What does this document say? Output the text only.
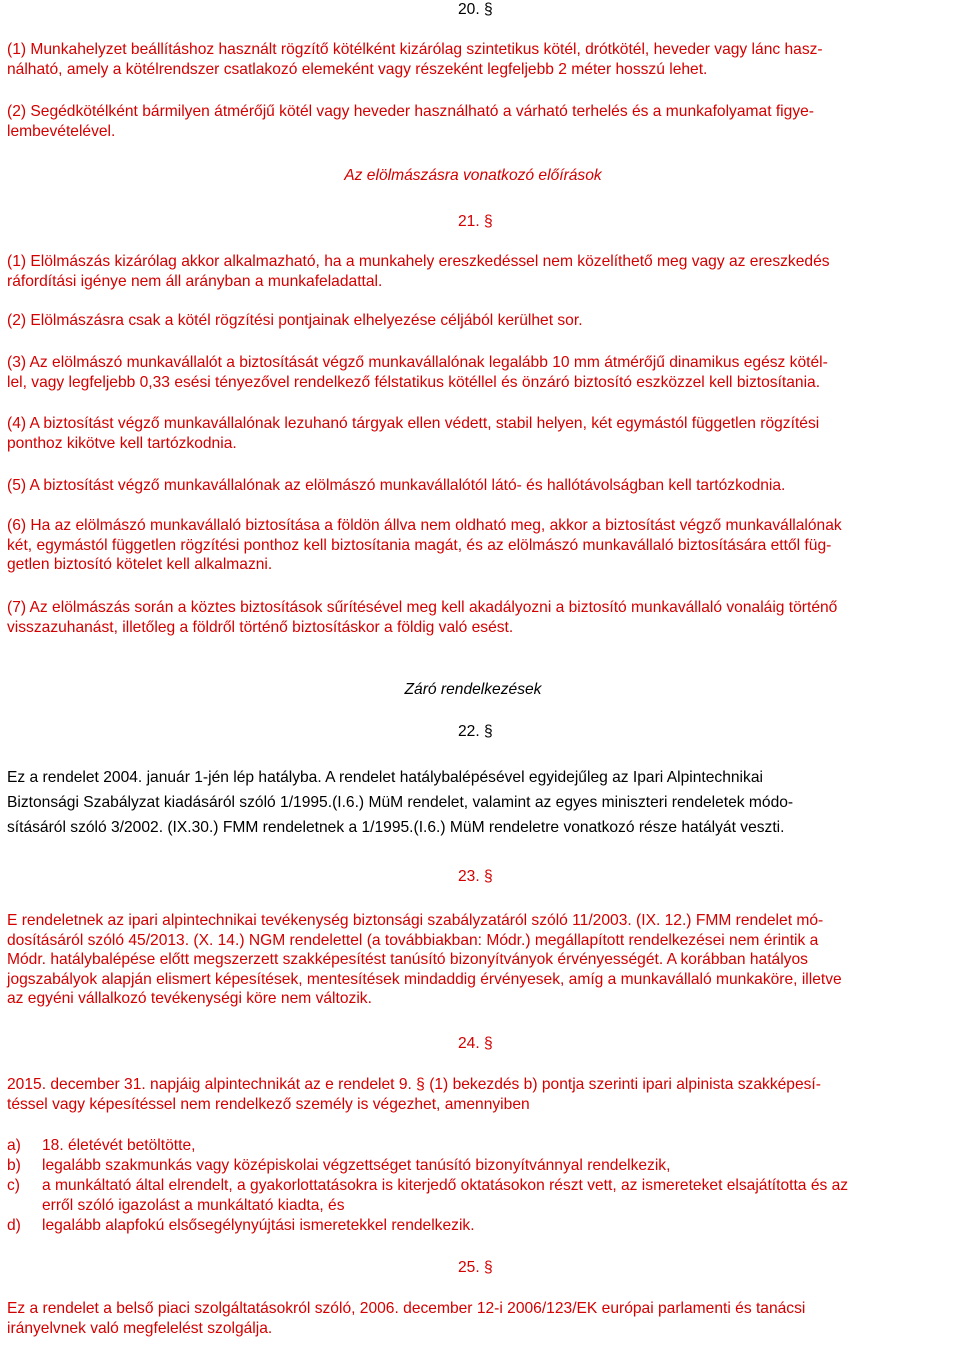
20. §

(1) Munkahelyzet beállításhoz használt rögzítő kötélként kizárólag szintetikus kötél, drótkötél, heveder vagy lánc hasz-
nálható, amely a kötélrendszer csatlakozó elemeként vagy részeként legfeljebb 2 méter hosszú lehet.

(2) Segédkötélként bármilyen átmérőjű kötél vagy heveder használható a várható terhelés és a munkafolyamat figye-
lembevételével.

Az elölmászásra vonatkozó előírások
21. §

(1) Elölmászás kizárólag akkor alkalmazható, ha a munkahely ereszkedéssel nem közelíthető meg vagy az ereszkedés
ráfordítási igénye nem áll arányban a munkafeladattal.

(2) Elölmászásra csak a kötél rögzítési pontjainak elhelyezése céljából kerülhet sor.

(3) Az elölmászó munkavállalót a biztosítását végző munkavállalónak legalább 10 mm átmérőjű dinamikus egész kötél-
lel, vagy legfeljebb 0,33 esési tényezővel rendelkező félstatikus kötéllel és önzáró biztosító eszközzel kell biztosítania.

(4) A biztosítást végző munkavállalónak lezuhanó tárgyak ellen védett, stabil helyen, két egymástól független rögzítési
ponthoz kikötve kell tartózkodnia.

(5) A biztosítást végző munkavállalónak az elölmászó munkavállalótól látó- és hallótávolságban kell tartózkodnia.

(6) Ha az elölmászó munkavállaló biztosítása a földön állva nem oldható meg, akkor a biztosítást végző munkavállalónak
két, egymástól független rögzítési ponthoz kell biztosítania magát, és az elölmászó munkavállaló biztosítására ettől füg-
getlen biztosító kötelet kell alkalmazni.

(7) Az elölmászás során a köztes biztosítások sűrítésével meg kell akadályozni a biztosító munkavállaló vonaláig történő
visszazuhanást, illetőleg a földről történő biztosításkor a földig való esést.

Záró rendelkezések
22. §

Ez a rendelet 2004. január 1-jén lép hatályba. A rendelet hatálybalépésével egyidejűleg az Ipari Alpintechnikai
Biztonsági Szabályzat kiadásáról szóló 1/1995.(I.6.) MüM rendelet, valamint az egyes miniszteri rendeletek módo-
sításáról szóló 3/2002. (IX.30.) FMM rendeletnek a 1/1995.(I.6.) MüM rendeletre vonatkozó része hatályát veszti.

23. §

E rendeletnek az ipari alpintechnikai tevékenység biztonsági szabályzatáról szóló 11/2003. (IX. 12.) FMM rendelet mó-
dosításáról szóló 45/2013. (X. 14.) NGM rendelettel (a továbbiakban: Módr.) megállapított rendelkezései nem érintik a
Módr. hatálybalépése előtt megszerzett szakképesítést tanúsító bizonyítványok érvényességét. A korábban hatályos
jogszabályok alapján elismert képesítések, mentesítések mindaddig érvényesek, amíg a munkavállaló munkaköre, illetve
az egyéni vállalkozó tevékenységi köre nem változik.

24. §

2015. december 31. napjáig alpintechnikát az e rendelet 9. § (1) bekezdés b) pontja szerinti ipari alpinista szakképesí-
téssel vagy képesítéssel nem rendelkező személy is végezhet, amennyiben

a) 18. életévét betöltötte,
b) legalább szakmunkás vagy középiskolai végzettséget tanúsító bizonyítvánnyal rendelkezik,
c) a munkáltató által elrendelt, a gyakorlottatásokra is kiterjedő oktatásokon részt vett, az ismereteket elsajátította és az
erről szóló igazolást a munkáltató kiadta, és
d) legalább alapfokú elsősegélynyújtási ismeretekkel rendelkezik.
25. §

Ez a rendelet a belső piaci szolgáltatásokról szóló, 2006. december 12-i 2006/123/EK európai parlamenti és tanácsi
irányelvnek való megfelelést szolgálja.
